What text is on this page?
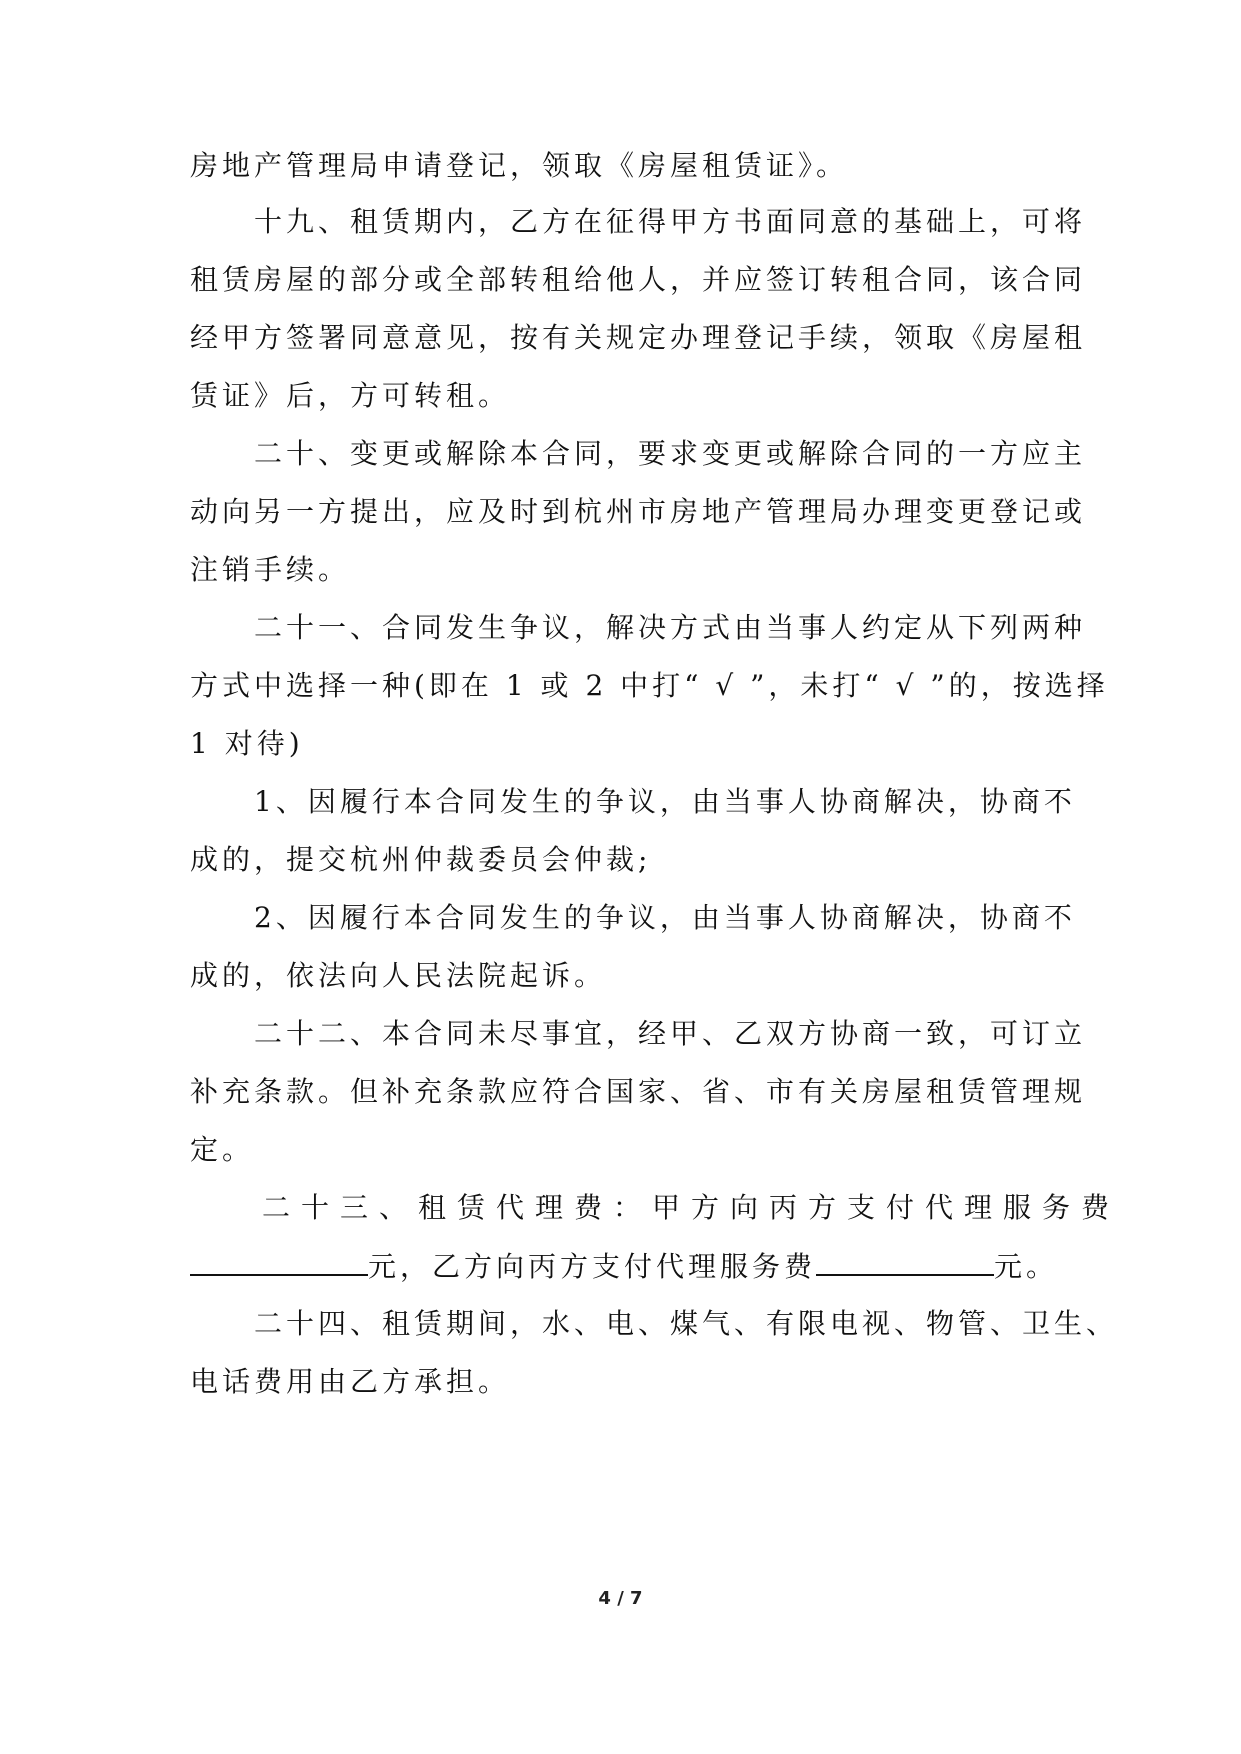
房地产管理局申请登记，领取《房屋租赁证》。
十九、租赁期内，乙方在征得甲方书面同意的基础上，可将
租赁房屋的部分或全部转租给他人，并应签订转租合同，该合同
经甲方签署同意意见，按有关规定办理登记手续，领取《房屋租
赁证》后，方可转租。
二十、变更或解除本合同，要求变更或解除合同的一方应主
动向另一方提出，应及时到杭州市房地产管理局办理变更登记或
注销手续。
二十一、合同发生争议，解决方式由当事人约定从下列两种
方式中选择一种(即在 1 或 2 中打“ √ ”，未打“ √ ”的，按选择
1 对待)
1、因履行本合同发生的争议，由当事人协商解决，协商不
成的，提交杭州仲裁委员会仲裁;
2、因履行本合同发生的争议，由当事人协商解决，协商不
成的，依法向人民法院起诉。
二十二、本合同未尽事宜，经甲、乙双方协商一致，可订立
补充条款。但补充条款应符合国家、省、市有关房屋租赁管理规
定。
二十三、租赁代理费：甲方向丙方支付代理服务费
元，乙方向丙方支付代理服务费	元。
二十四、租赁期间，水、电、煤气、有限电视、物管、卫生、
电话费用由乙方承担。
4 / 7
